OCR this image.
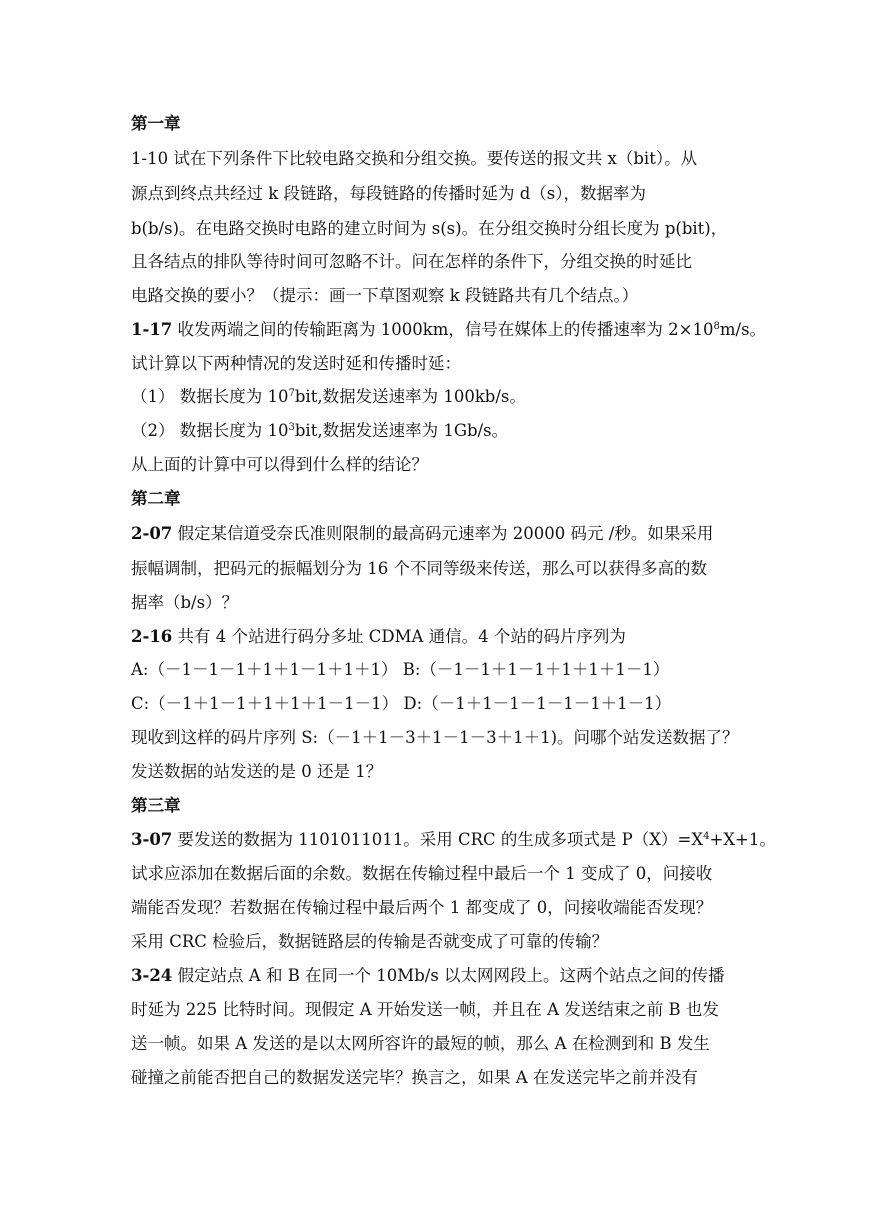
第一章
1-10 试在下列条件下比较电路交换和分组交换。要传送的报文共 x（bit）。从
源点到终点共经过 k 段链路，每段链路的传播时延为 d（s），数据率为
b(b/s)。在电路交换时电路的建立时间为 s(s)。在分组交换时分组长度为 p(bit)，
且各结点的排队等待时间可忽略不计。问在怎样的条件下，分组交换的时延比
电路交换的要小？（提示：画一下草图观察 k 段链路共有几个结点。）
1-17 收发两端之间的传输距离为 1000km，信号在媒体上的传播速率为 $2\times 10^8m/s$。
试计算以下两种情况的发送时延和传播时延：
（1） 数据长度为 $10^7bit$,数据发送速率为 100kb/s。
（2） 数据长度为 $10^3bit$,数据发送速率为 1Gb/s。
从上面的计算中可以得到什么样的结论？
第二章
2-07 假定某信道受奈氏准则限制的最高码元速率为 20000 码元 /秒。如果采用
振幅调制，把码元的振幅划分为 16 个不同等级来传送，那么可以获得多高的数
据率（b/s）？
2-16 共有 4 个站进行码分多址 CDMA 通信。4 个站的码片序列为
A:（－1－1－1＋1＋1－1＋1＋1） B:（－1－1＋1－1＋1＋1＋1－1）
C:（－1＋1－1＋1＋1＋1－1－1） D:（－1＋1－1－1－1－1＋1－1）
现收到这样的码片序列 S:（－1＋1－3＋1－1－3＋1＋1)。问哪个站发送数据了？
发送数据的站发送的是 0 还是 1？
第三章
3-07 要发送的数据为 1101011011。采用 CRC 的生成多项式是 $P(X)=X^4+X+1$。
试求应添加在数据后面的余数。数据在传输过程中最后一个 1 变成了 0，问接收
端能否发现？若数据在传输过程中最后两个 1 都变成了 0，问接收端能否发现？
采用 CRC 检验后，数据链路层的传输是否就变成了可靠的传输？
3-24 假定站点 A 和 B 在同一个 10Mb/s 以太网网段上。这两个站点之间的传播
时延为 225 比特时间。现假定 A 开始发送一帧，并且在 A 发送结束之前 B 也发
送一帧。如果 A 发送的是以太网所容许的最短的帧，那么 A 在检测到和 B 发生
碰撞之前能否把自己的数据发送完毕？换言之，如果 A 在发送完毕之前并没有
